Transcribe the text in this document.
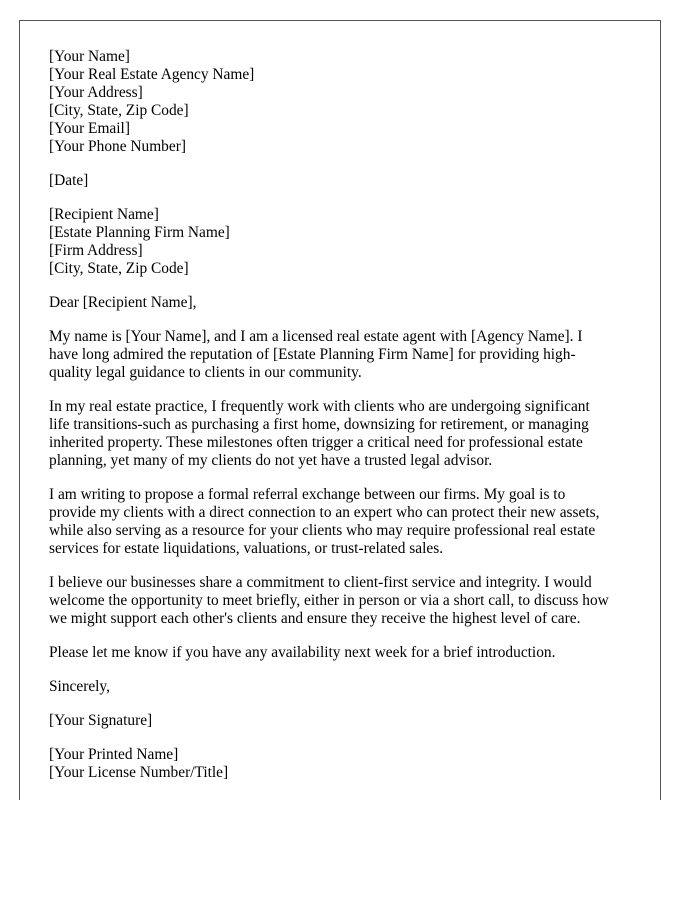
[Your Name]
[Your Real Estate Agency Name]
[Your Address]
[City, State, Zip Code]
[Your Email]
[Your Phone Number]
[Date]
[Recipient Name]
[Estate Planning Firm Name]
[Firm Address]
[City, State, Zip Code]

Dear [Recipient Name],

My name is [Your Name], and I am a licensed real estate agent with [Agency Name]. I
have long admired the reputation of [Estate Planning Firm Name] for providing high-
quality legal guidance to clients in our community.

In my real estate practice, I frequently work with clients who are undergoing significant
life transitions-such as purchasing a first home, downsizing for retirement, or managing
inherited property. These milestones often trigger a critical need for professional estate
planning, yet many of my clients do not yet have a trusted legal advisor.

I am writing to propose a formal referral exchange between our firms. My goal is to
provide my clients with a direct connection to an expert who can protect their new assets,
while also serving as a resource for your clients who may require professional real estate
services for estate liquidations, valuations, or trust-related sales.

I believe our businesses share a commitment to client-first service and integrity. I would
welcome the opportunity to meet briefly, either in person or via a short call, to discuss how
we might support each other's clients and ensure they receive the highest level of care.

Please let me know if you have any availability next week for a brief introduction.

Sincerely,

[Your Signature]

[Your Printed Name]
[Your License Number/Title]
